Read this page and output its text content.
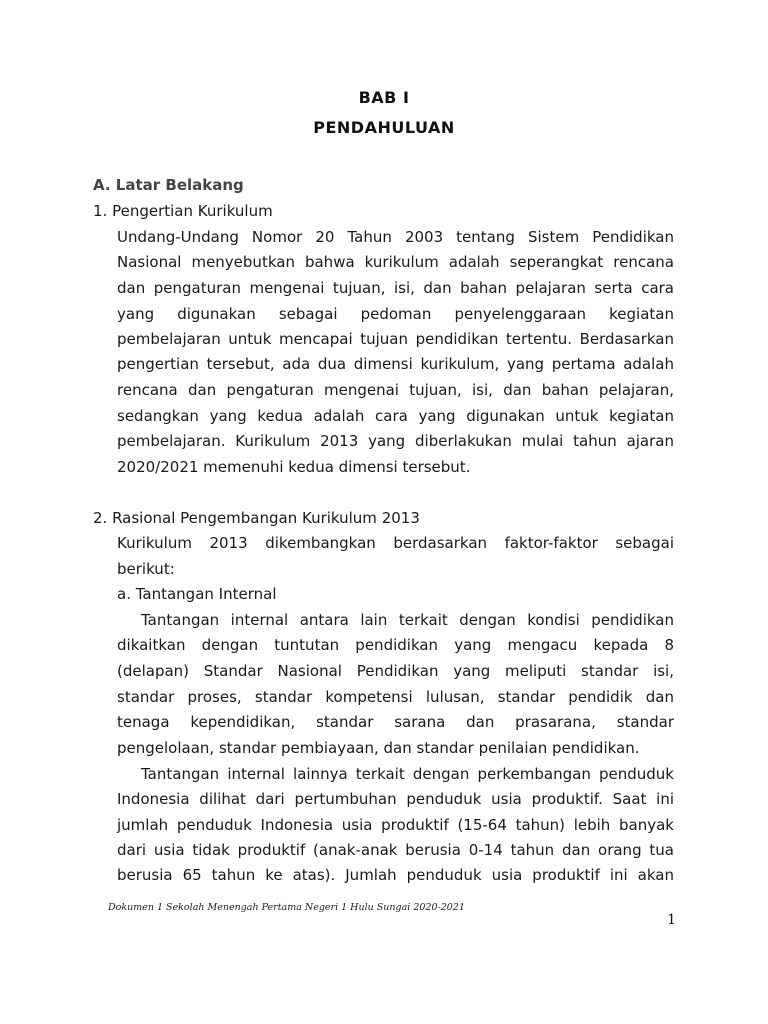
BAB I
PENDAHULUAN
A. Latar Belakang
1. Pengertian Kurikulum
Undang-Undang Nomor 20 Tahun 2003 tentang Sistem Pendidikan
Nasional menyebutkan bahwa kurikulum adalah seperangkat rencana
dan pengaturan mengenai tujuan, isi, dan bahan pelajaran serta cara
yang digunakan sebagai pedoman penyelenggaraan kegiatan
pembelajaran untuk mencapai tujuan pendidikan tertentu. Berdasarkan
pengertian tersebut, ada dua dimensi kurikulum, yang pertama adalah
rencana dan pengaturan mengenai tujuan, isi, dan bahan pelajaran,
sedangkan yang kedua adalah cara yang digunakan untuk kegiatan
pembelajaran. Kurikulum 2013 yang diberlakukan mulai tahun ajaran
2020/2021 memenuhi kedua dimensi tersebut.
2. Rasional Pengembangan Kurikulum 2013
Kurikulum 2013 dikembangkan berdasarkan faktor-faktor sebagai
berikut:
a. Tantangan Internal
Tantangan internal antara lain terkait dengan kondisi pendidikan
dikaitkan dengan tuntutan pendidikan yang mengacu kepada 8
(delapan) Standar Nasional Pendidikan yang meliputi standar isi,
standar proses, standar kompetensi lulusan, standar pendidik dan
tenaga kependidikan, standar sarana dan prasarana, standar
pengelolaan, standar pembiayaan, dan standar penilaian pendidikan.
Tantangan internal lainnya terkait dengan perkembangan penduduk
Indonesia dilihat dari pertumbuhan penduduk usia produktif. Saat ini
jumlah penduduk Indonesia usia produktif (15-64 tahun) lebih banyak
dari usia tidak produktif (anak-anak berusia 0-14 tahun dan orang tua
berusia 65 tahun ke atas). Jumlah penduduk usia produktif ini akan
Dokumen 1 Sekolah Menengah Pertama Negeri 1 Hulu Sungai 2020-2021
1
